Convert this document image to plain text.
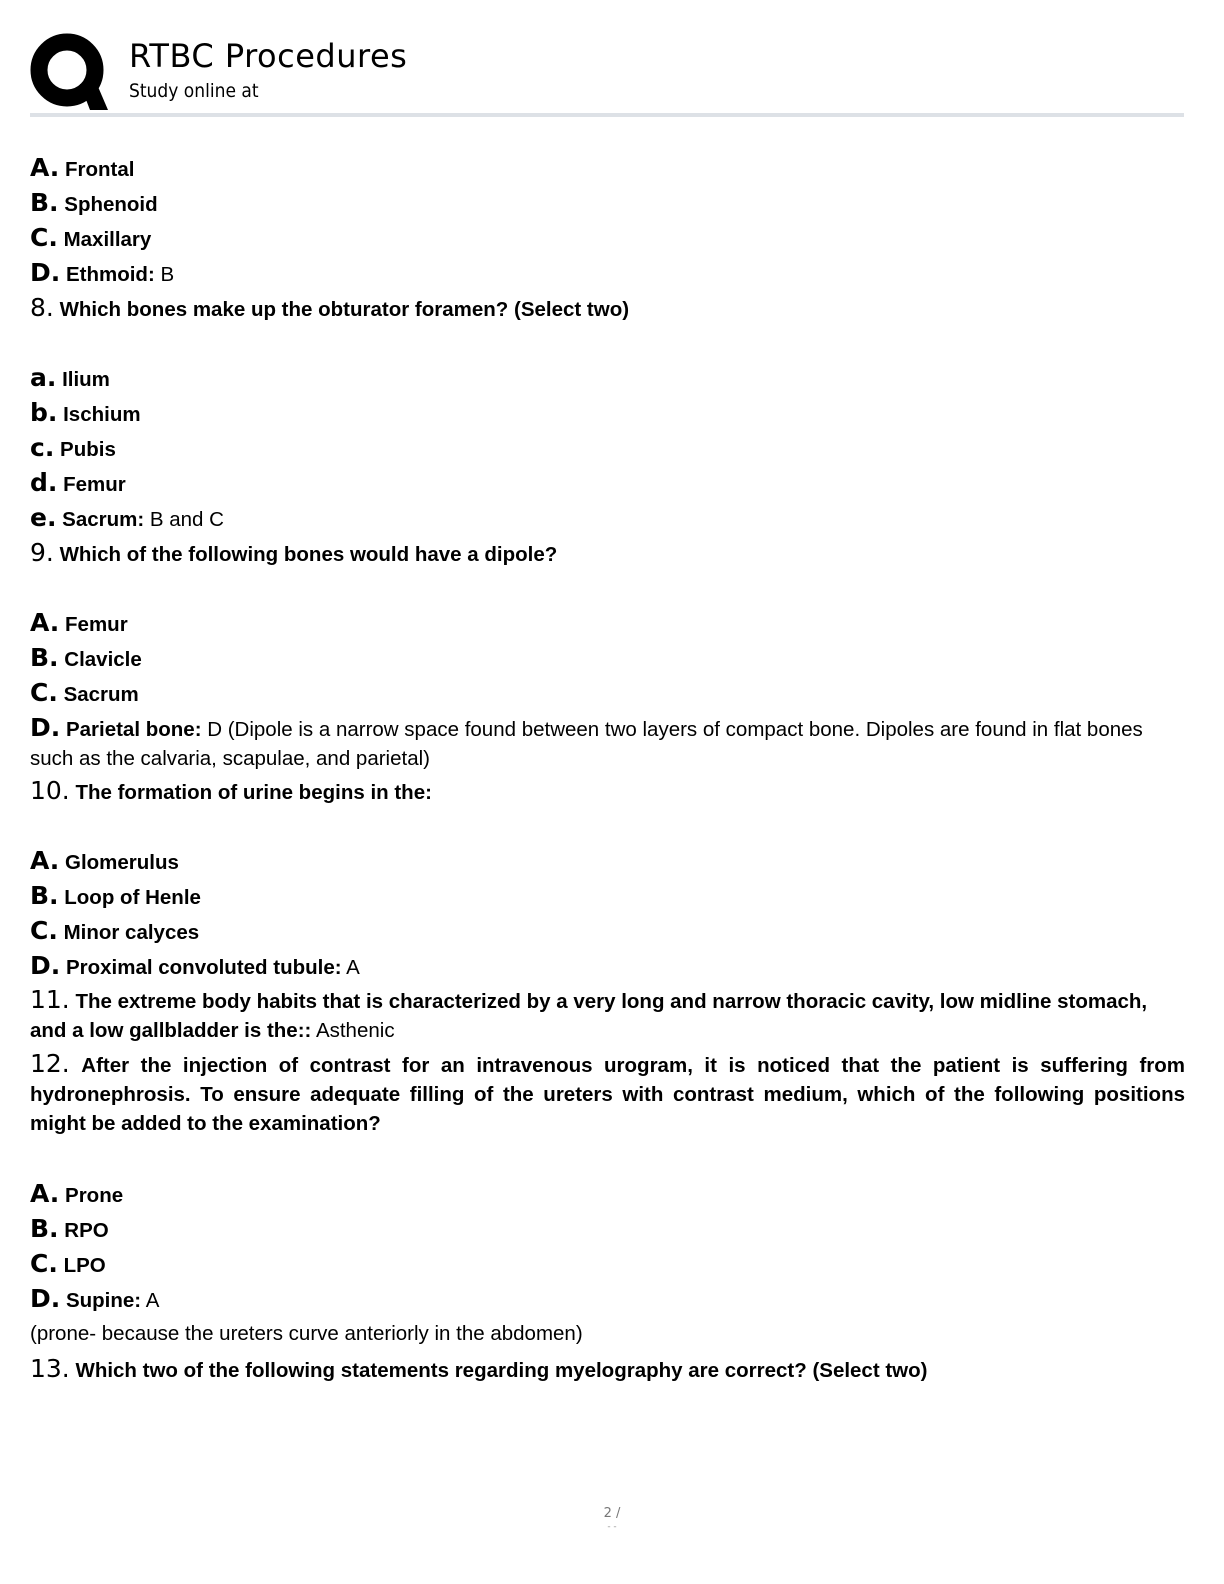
Q
RTBC Procedures
Study online at
A. Frontal
B. Sphenoid
C. Maxillary
D. Ethmoid: B
8. Which bones make up the obturator foramen? (Select two)
a. Ilium
b. Ischium
c. Pubis
d. Femur
e. Sacrum: B and C
9. Which of the following bones would have a dipole?
A. Femur
B. Clavicle
C. Sacrum
D. Parietal bone: D (Dipole is a narrow space found between two layers of compact bone. Dipoles are found in flat bones such as the calvaria, scapulae, and parietal)
10. The formation of urine begins in the:
A. Glomerulus
B. Loop of Henle
C. Minor calyces
D. Proximal convoluted tubule: A
11. The extreme body habits that is characterized by a very long and narrow thoracic cavity, low midline stomach, and a low gallbladder is the:: Asthenic
12. After the injection of contrast for an intravenous urogram, it is noticed that the patient is suffering from hydronephrosis. To ensure adequate filling of the ureters with contrast medium, which of the following positions might be added to the examination?
A. Prone
B. RPO
C. LPO
D. Supine: A
(prone- because the ureters curve anteriorly in the abdomen)
13. Which two of the following statements regarding myelography are correct? (Select two)
2 /
- -
